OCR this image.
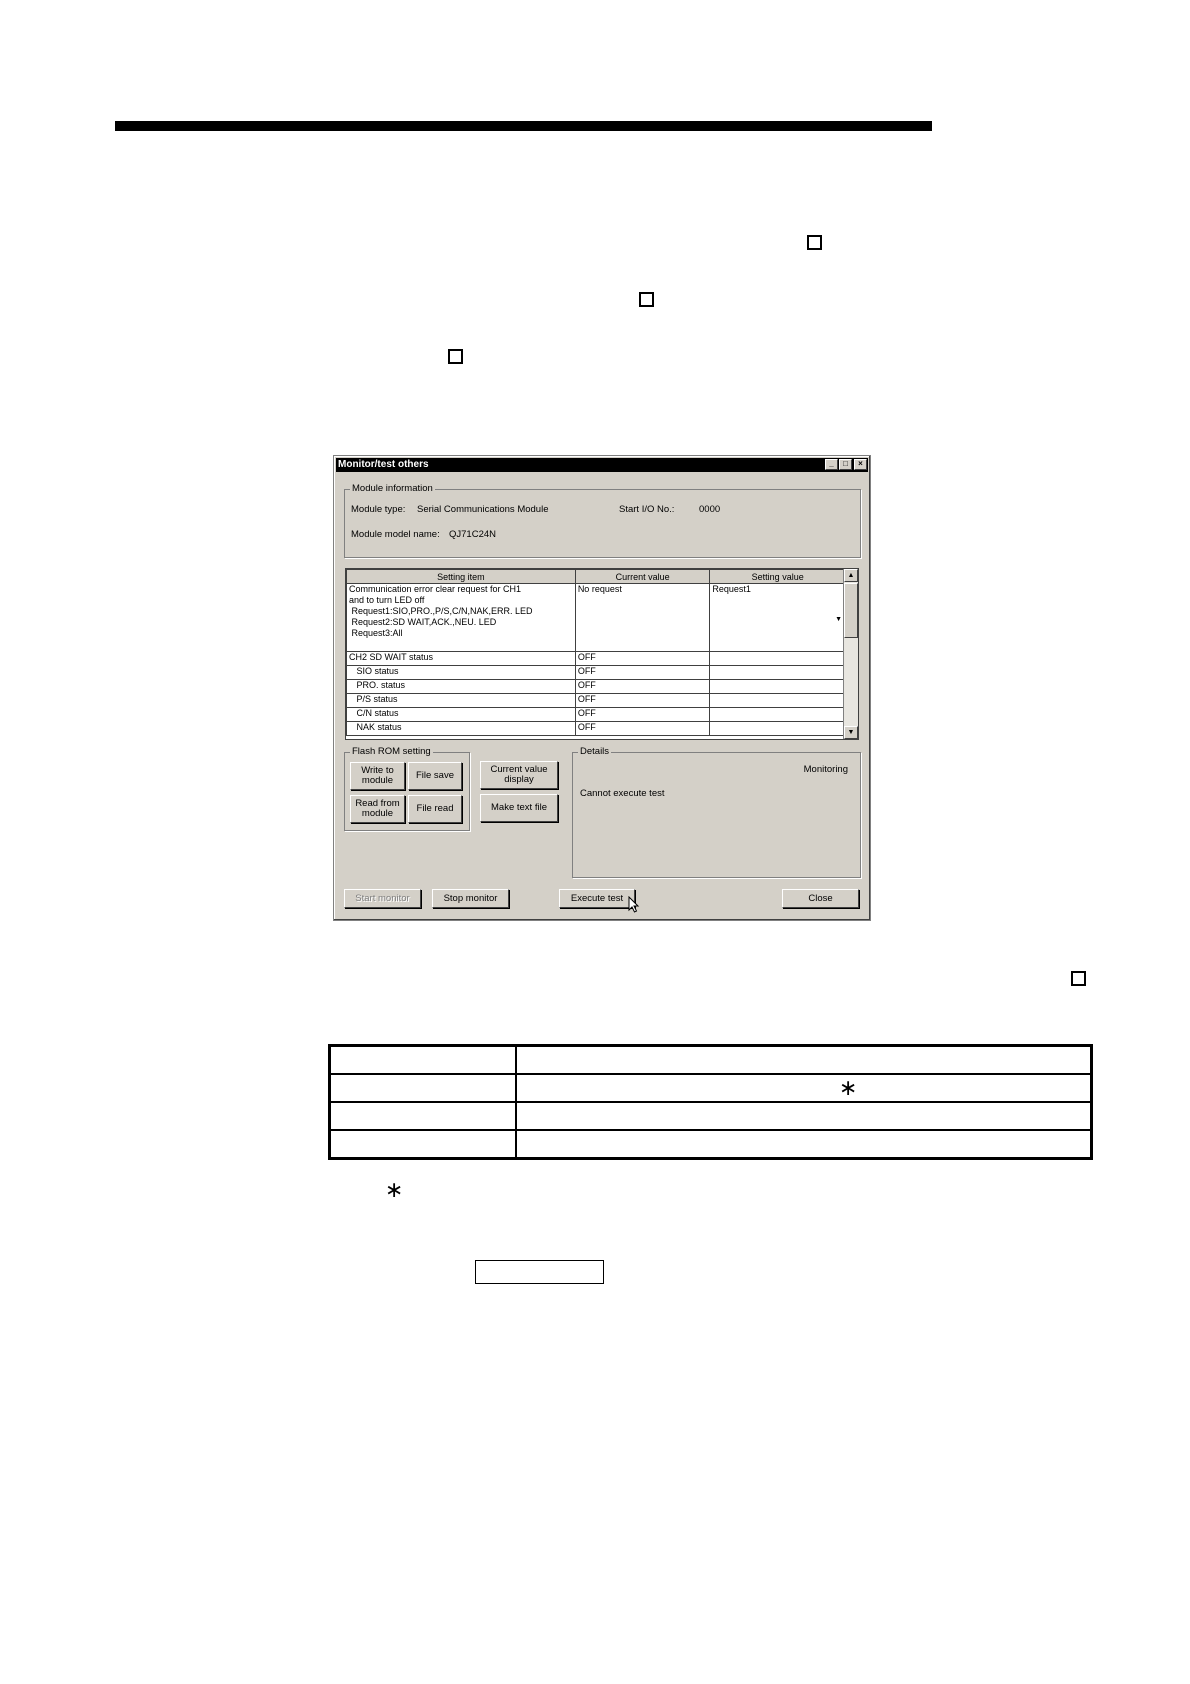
Monitor/test others	_	□	×
Module information
Module type: Serial Communications Module	Start I/O No.:	0000
Module model name: QJ71C24N
Setting item	Current value	Setting value
Communication error clear request for CH1
and to turn LED off
Request1:SIO,PRO.,P/S,C/N,NAK,ERR. LED
Request2:SD WAIT,ACK.,NEU. LED
Request3:All	No request	Request1
▼

CH2 SD WAIT status	OFF	
SIO status	OFF	
PRO. status	OFF	
P/S status	OFF	
C/N status	OFF	
NAK status	OFF	
▲
▼
Flash ROM setting
Write to module	File save
Read from module	File read
Current value display
Make text file
Details
Monitoring
Cannot execute test
Start monitor	Stop monitor	Execute test	Close

	∗

∗
